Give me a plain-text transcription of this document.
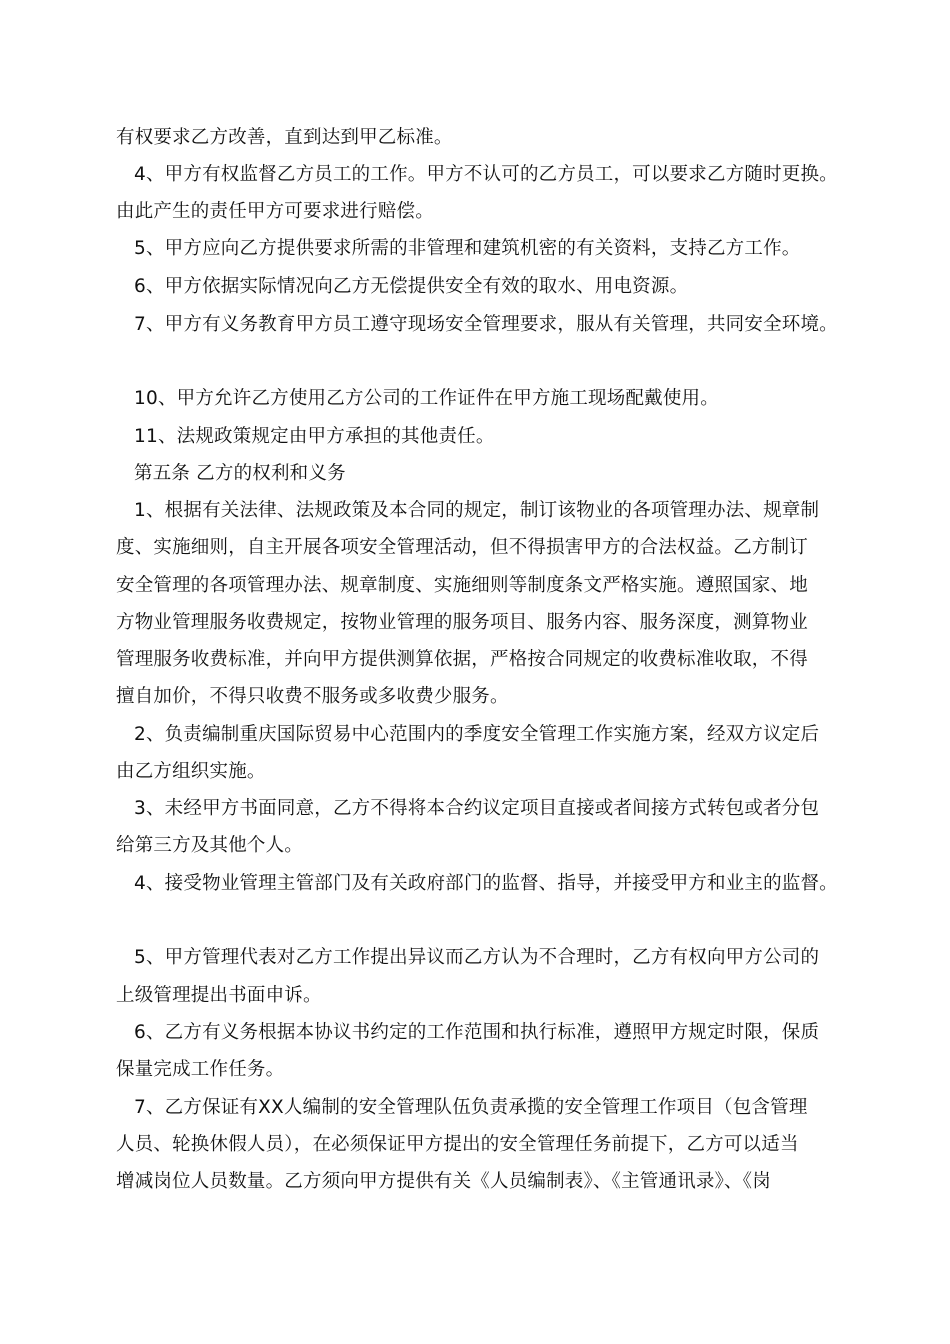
有权要求乙方改善，直到达到甲乙标准。
4、甲方有权监督乙方员工的工作。甲方不认可的乙方员工，可以要求乙方随时更换。
由此产生的责任甲方可要求进行赔偿。
5、甲方应向乙方提供要求所需的非管理和建筑机密的有关资料，支持乙方工作。
6、甲方依据实际情况向乙方无偿提供安全有效的取水、用电资源。
7、甲方有义务教育甲方员工遵守现场安全管理要求，服从有关管理，共同安全环境。
10、甲方允许乙方使用乙方公司的工作证件在甲方施工现场配戴使用。
11、法规政策规定由甲方承担的其他责任。
第五条 乙方的权利和义务
1、根据有关法律、法规政策及本合同的规定，制订该物业的各项管理办法、规章制
度、实施细则，自主开展各项安全管理活动，但不得损害甲方的合法权益。乙方制订
安全管理的各项管理办法、规章制度、实施细则等制度条文严格实施。遵照国家、地
方物业管理服务收费规定，按物业管理的服务项目、服务内容、服务深度，测算物业
管理服务收费标准，并向甲方提供测算依据，严格按合同规定的收费标准收取，不得
擅自加价，不得只收费不服务或多收费少服务。
2、负责编制重庆国际贸易中心范围内的季度安全管理工作实施方案，经双方议定后
由乙方组织实施。
3、未经甲方书面同意，乙方不得将本合约议定项目直接或者间接方式转包或者分包
给第三方及其他个人。
4、接受物业管理主管部门及有关政府部门的监督、指导，并接受甲方和业主的监督。
5、甲方管理代表对乙方工作提出异议而乙方认为不合理时，乙方有权向甲方公司的
上级管理提出书面申诉。
6、乙方有义务根据本协议书约定的工作范围和执行标准，遵照甲方规定时限，保质
保量完成工作任务。
7、乙方保证有XX人编制的安全管理队伍负责承揽的安全管理工作项目（包含管理
人员、轮换休假人员），在必须保证甲方提出的安全管理任务前提下，乙方可以适当
增减岗位人员数量。乙方须向甲方提供有关《人员编制表》、《主管通讯录》、《岗
